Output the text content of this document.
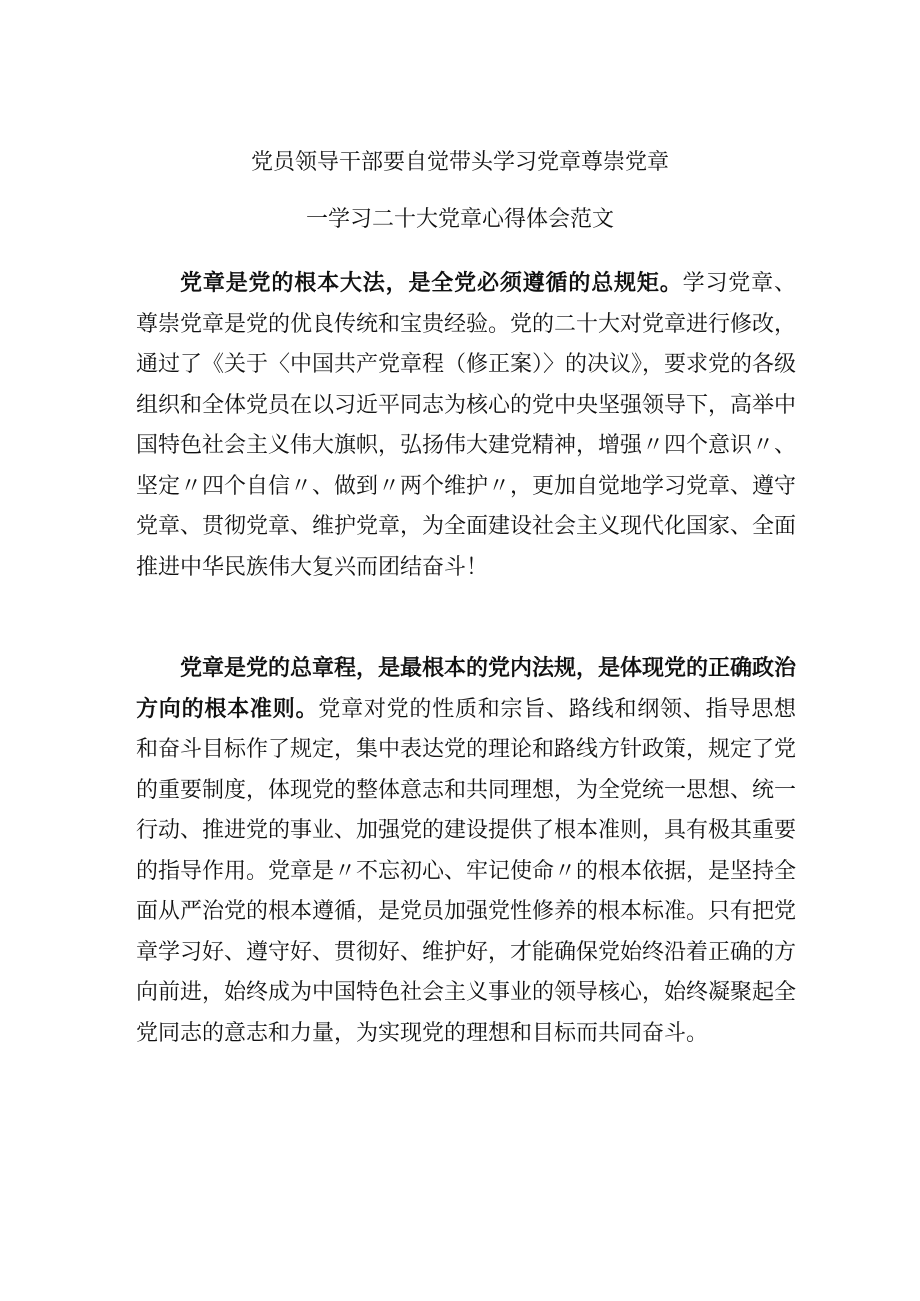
党员领导干部要自觉带头学习党章尊崇党章
一学习二十大党章心得体会范文

党章是党的根本大法，是全党必须遵循的总规矩。学习党章、尊崇党章是党的优良传统和宝贵经验。党的二十大对党章进行修改，通过了《关于〈中国共产党章程（修正案）〉的决议》，要求党的各级组织和全体党员在以习近平同志为核心的党中央坚强领导下，高举中国特色社会主义伟大旗帜，弘扬伟大建党精神，增强〃四个意识〃、坚定〃四个自信〃、做到〃两个维护〃，更加自觉地学习党章、遵守党章、贯彻党章、维护党章，为全面建设社会主义现代化国家、全面推进中华民族伟大复兴而团结奋斗！

党章是党的总章程，是最根本的党内法规，是体现党的正确政治方向的根本准则。党章对党的性质和宗旨、路线和纲领、指导思想和奋斗目标作了规定，集中表达党的理论和路线方针政策，规定了党的重要制度，体现党的整体意志和共同理想，为全党统一思想、统一行动、推进党的事业、加强党的建设提供了根本准则，具有极其重要的指导作用。党章是〃不忘初心、牢记使命〃的根本依据，是坚持全面从严治党的根本遵循，是党员加强党性修养的根本标准。只有把党章学习好、遵守好、贯彻好、维护好，才能确保党始终沿着正确的方向前进，始终成为中国特色社会主义事业的领导核心，始终凝聚起全党同志的意志和力量，为实现党的理想和目标而共同奋斗。
